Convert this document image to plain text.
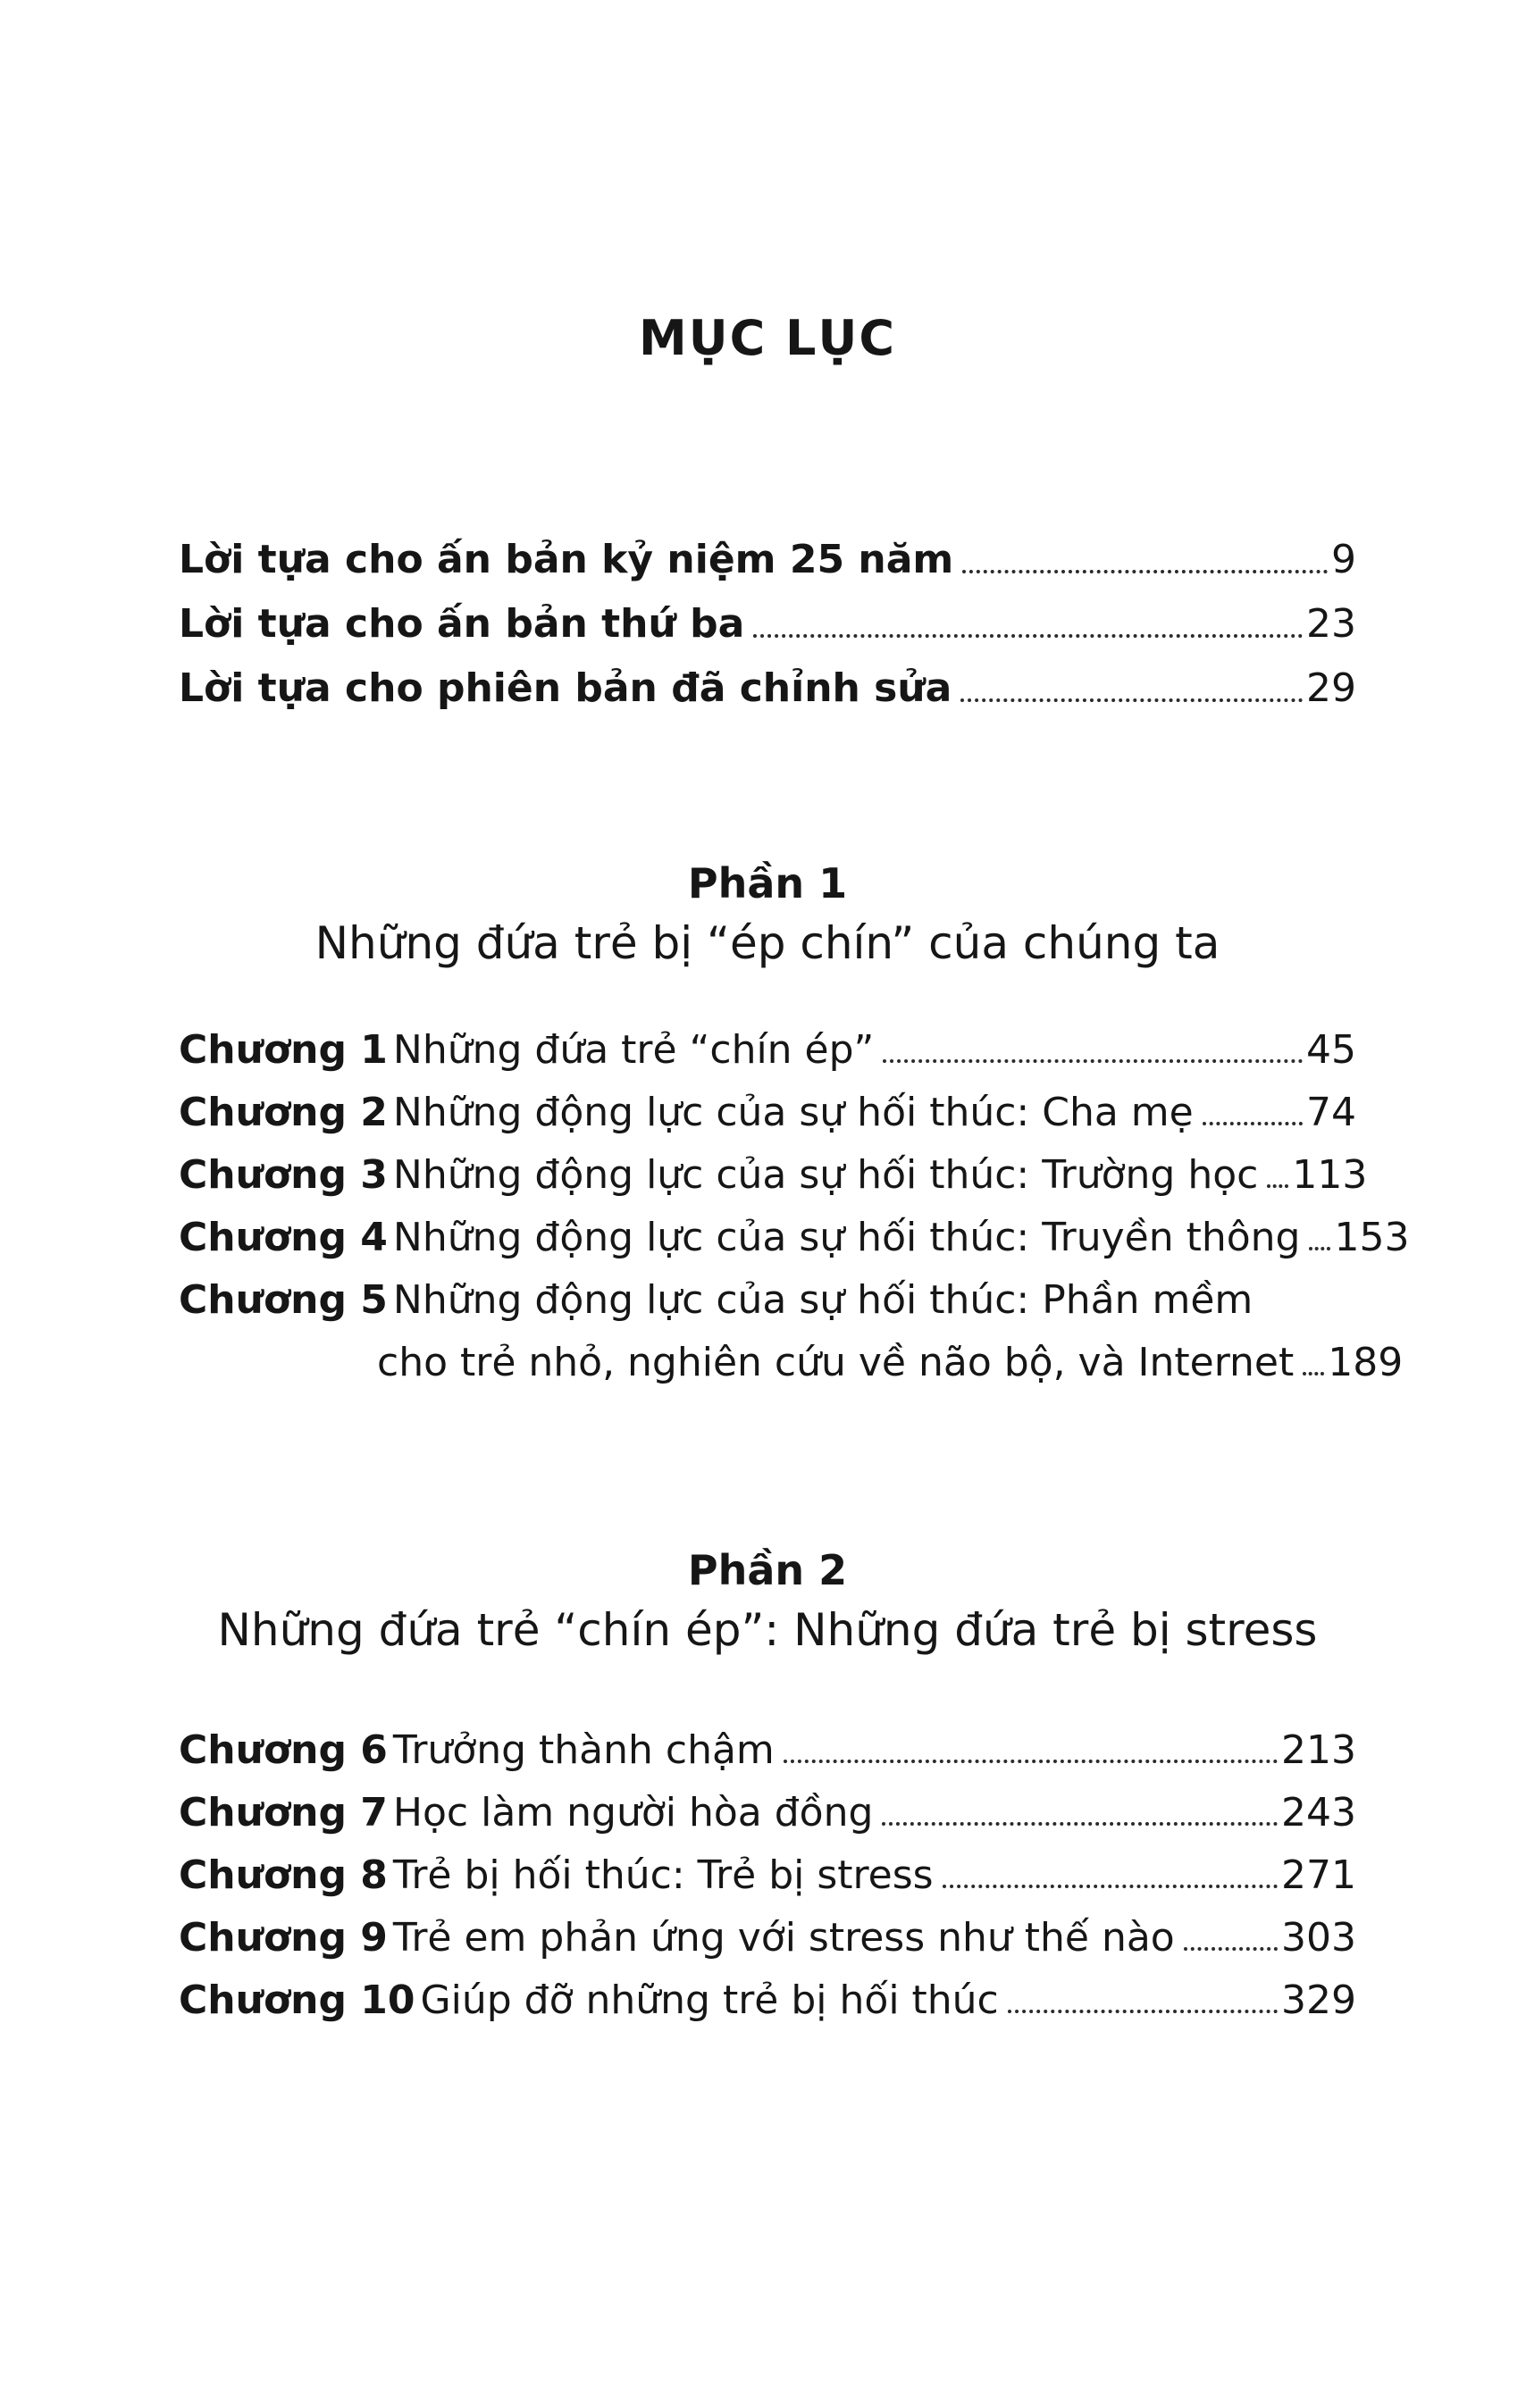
MỤC LỤC
Lời tựa cho ấn bản kỷ niệm 25 năm	9
Lời tựa cho ấn bản thứ ba	23
Lời tựa cho phiên bản đã chỉnh sửa	29
Phần 1
Những đứa trẻ bị “ép chín” của chúng ta
Chương 1 Những đứa trẻ “chín ép”	45
Chương 2 Những động lực của sự hối thúc: Cha mẹ	74
Chương 3 Những động lực của sự hối thúc: Trường học 113
Chương 4 Những động lực của sự hối thúc: Truyền thông 153
Chương 5 Những động lực của sự hối thúc: Phần mềm
cho trẻ nhỏ, nghiên cứu về não bộ, và Internet 189
Phần 2
Những đứa trẻ “chín ép”: Những đứa trẻ bị stress
Chương 6 Trưởng thành chậm	213
Chương 7 Học làm người hòa đồng	243
Chương 8 Trẻ bị hối thúc: Trẻ bị stress	271
Chương 9 Trẻ em phản ứng với stress như thế nào	303
Chương 10 Giúp đỡ những trẻ bị hối thúc	329
